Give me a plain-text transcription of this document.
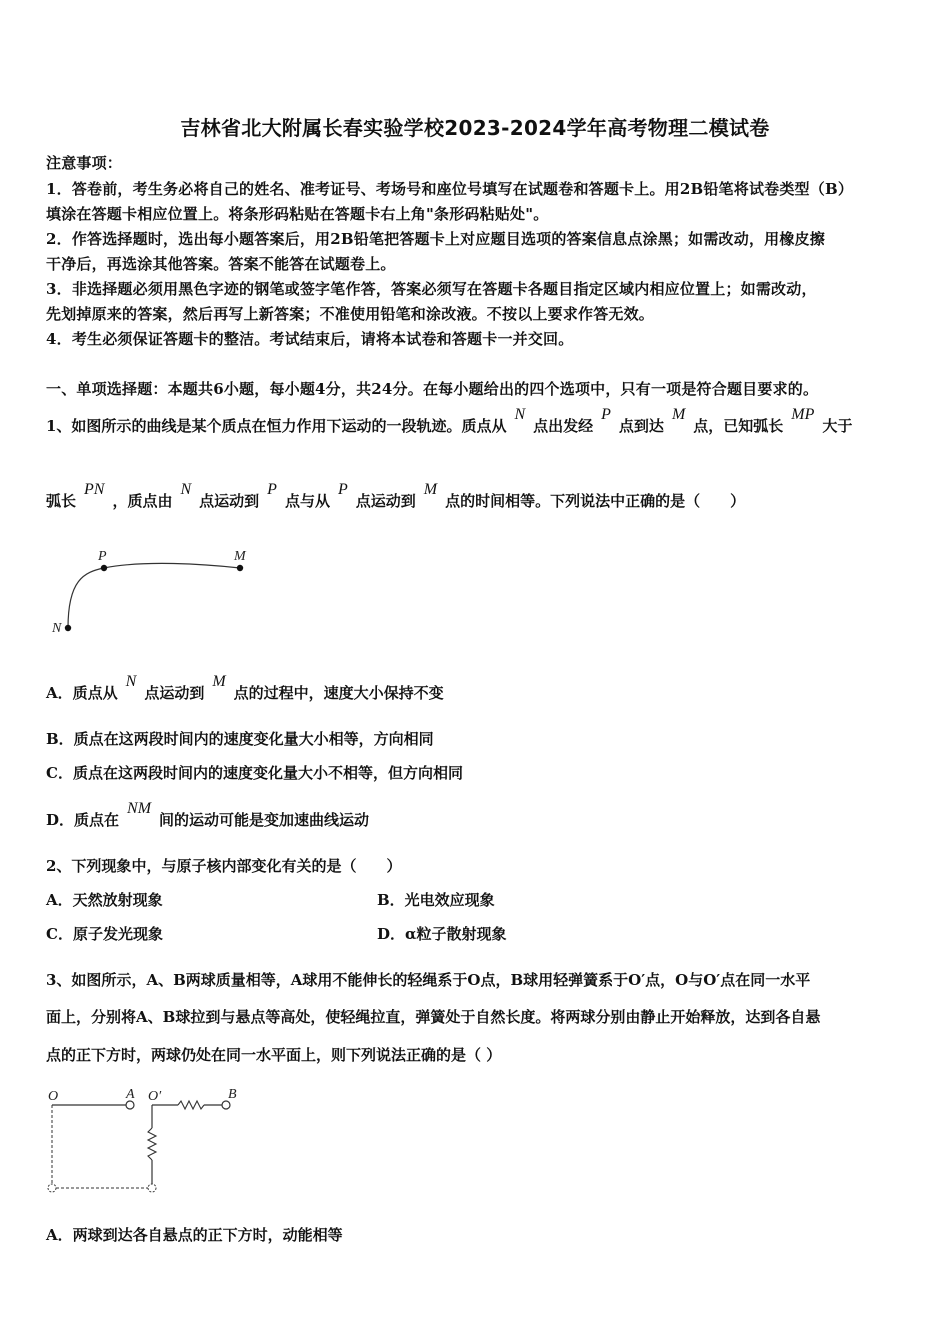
吉林省北大附属长春实验学校2023-2024学年高考物理二模试卷
注意事项：
1．答卷前，考生务必将自己的姓名、准考证号、考场号和座位号填写在试题卷和答题卡上。用2B铅笔将试卷类型（B）
填涂在答题卡相应位置上。将条形码粘贴在答题卡右上角"条形码粘贴处"。
2．作答选择题时，选出每小题答案后，用2B铅笔把答题卡上对应题目选项的答案信息点涂黑；如需改动，用橡皮擦
干净后，再选涂其他答案。答案不能答在试题卷上。
3．非选择题必须用黑色字迹的钢笔或签字笔作答，答案必须写在答题卡各题目指定区域内相应位置上；如需改动，
先划掉原来的答案，然后再写上新答案；不准使用铅笔和涂改液。不按以上要求作答无效。
4．考生必须保证答题卡的整洁。考试结束后，请将本试卷和答题卡一并交回。
一、单项选择题：本题共6小题，每小题4分，共24分。在每小题给出的四个选项中，只有一项是符合题目要求的。
1、如图所示的曲线是某个质点在恒力作用下运动的一段轨迹。质点从N点出发经P点到达M点，已知弧长MP大于
弧长PN，质点由N点运动到P点与从P点运动到M点的时间相等。下列说法中正确的是（　　）
P	M
N
A．质点从N点运动到M点的过程中，速度大小保持不变
B．质点在这两段时间内的速度变化量大小相等，方向相同
C．质点在这两段时间内的速度变化量大小不相等，但方向相同
D．质点在NM间的运动可能是变加速曲线运动
2、下列现象中，与原子核内部变化有关的是（　　）
A．天然放射现象	B．光电效应现象
C．原子发光现象	D．α粒子散射现象
3、如图所示，A、B两球质量相等，A球用不能伸长的轻绳系于O点，B球用轻弹簧系于O′点，O与O′点在同一水平
面上，分别将A、B球拉到与悬点等高处，使轻绳拉直，弹簧处于自然长度。将两球分别由静止开始释放，达到各自悬
点的正下方时，两球仍处在同一水平面上，则下列说法正确的是（ ）
O	A O′	B
A．两球到达各自悬点的正下方时，动能相等
